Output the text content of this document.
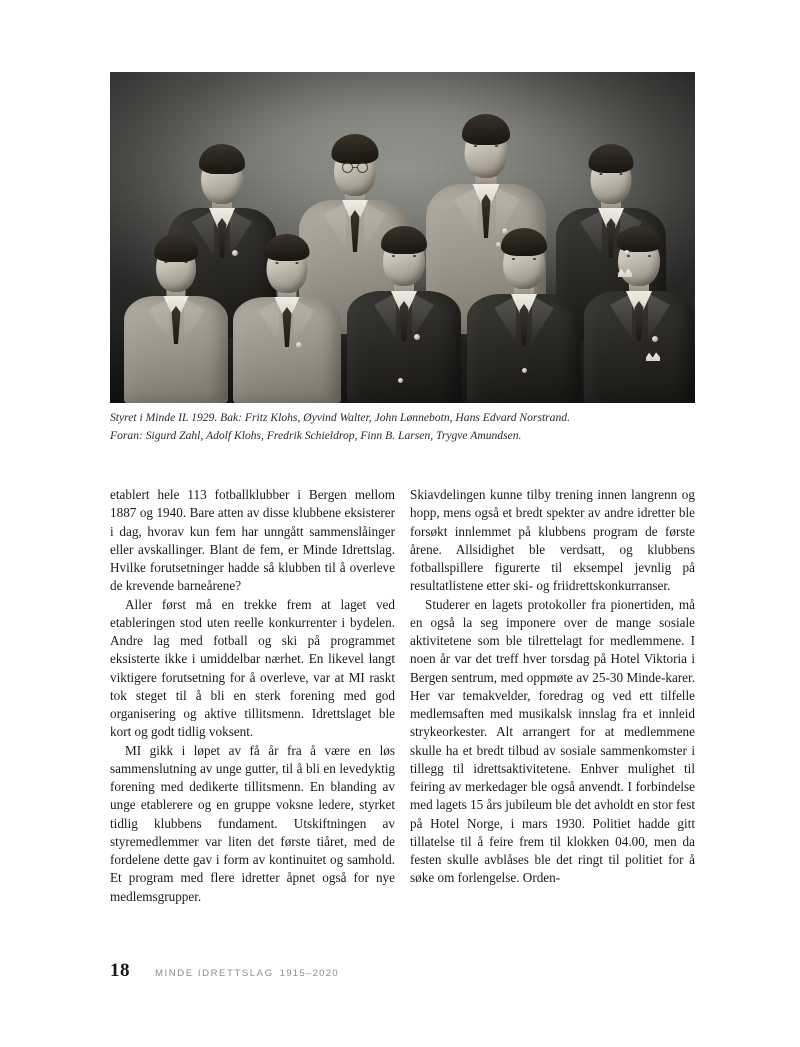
Styret i Minde IL 1929. Bak: Fritz Klohs, Øyvind Walter, John Lønnebotn, Hans Edvard Norstrand.
Foran: Sigurd Zahl, Adolf Klohs, Fredrik Schieldrop, Finn B. Larsen, Trygve Amundsen.

etablert hele 113 fotballklubber i Bergen mellom 1887 og 1940. Bare atten av disse klubbene eksisterer i dag, hvorav kun fem har unngått sammenslåinger eller avskallinger. Blant de fem, er Minde Idrettslag. Hvilke forutsetninger hadde så klubben til å overleve de krevende barneårene?

Aller først må en trekke frem at laget ved etableringen stod uten reelle konkurrenter i bydelen. Andre lag med fotball og ski på programmet eksisterte ikke i umiddelbar nærhet. En likevel langt viktigere forutsetning for å overleve, var at MI raskt tok steget til å bli en sterk forening med god organisering og aktive tillitsmenn. Idrettslaget ble kort og godt tidlig voksent.

MI gikk i løpet av få år fra å være en løs sammenslutning av unge gutter, til å bli en levedyktig forening med dedikerte tillitsmenn. En blanding av unge etablerere og en gruppe voksne ledere, styrket tidlig klubbens fundament. Utskiftningen av styremedlemmer var liten det første tiåret, med de fordelene dette gav i form av kontinuitet og samhold. Et program med flere idretter åpnet også for nye medlemsgrupper.

Skiavdelingen kunne tilby trening innen langrenn og hopp, mens også et bredt spekter av andre idretter ble forsøkt innlemmet på klubbens program de første årene. Allsidighet ble verdsatt, og klubbens fotballspillere figurerte til eksempel jevnlig på resultatlistene etter ski- og friidrettskonkurranser.

Studerer en lagets protokoller fra pionertiden, må en også la seg imponere over de mange sosiale aktivitetene som ble tilrettelagt for medlemmene. I noen år var det treff hver torsdag på Hotel Viktoria i Bergen sentrum, med oppmøte av 25-30 Minde-karer. Her var temakvelder, foredrag og ved ett tilfelle medlemsaften med musikalsk innslag fra et innleid strykeorkester. Alt arrangert for at medlemmene skulle ha et bredt tilbud av sosiale sammenkomster i tillegg til idrettsaktivitetene. Enhver mulighet til feiring av merkedager ble også anvendt. I forbindelse med lagets 15 års jubileum ble det avholdt en stor fest på Hotel Norge, i mars 1930. Politiet hadde gitt tillatelse til å feire frem til klokken 04.00, men da festen skulle avblåses ble det ringt til politiet for å søke om forlengelse. Orden-

18	MINDE IDRETTSLAG 1915–2020
